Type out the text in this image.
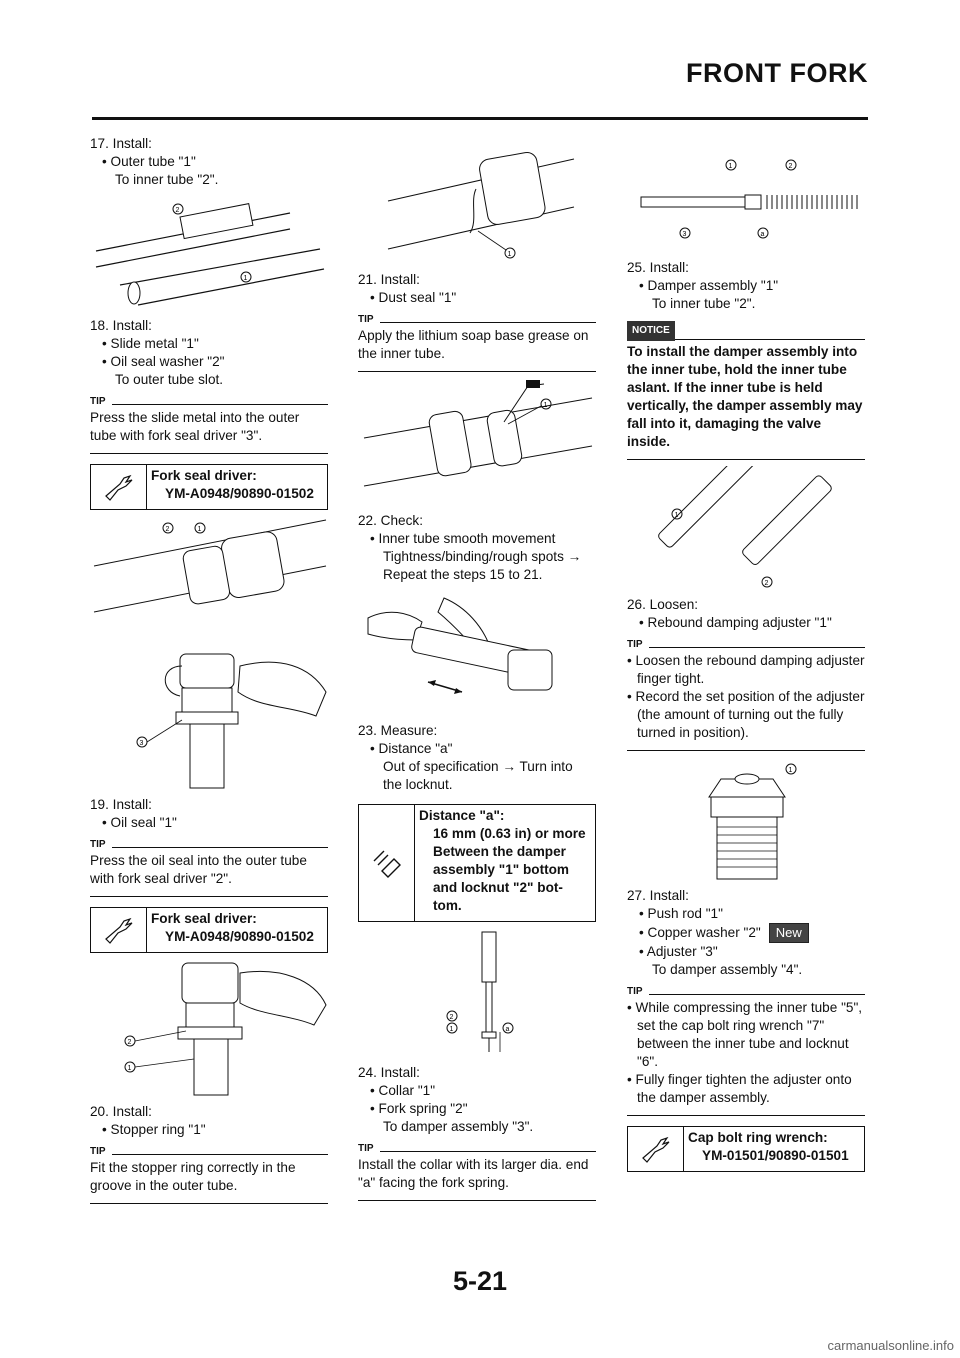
FRONT FORK
17. Install:
• Outer tube "1"
To inner tube "2".
2
1
18. Install:
• Slide metal "1"
• Oil seal washer "2"
To outer tube slot.
TIP
Press the slide metal into the outer tube with fork seal driver "3".
Fork seal driver:
YM-A0948/90890-01502
2	1
3
19. Install:
• Oil seal "1"
TIP
Press the oil seal into the outer tube with fork seal driver "2".
Fork seal driver:
YM-A0948/90890-01502
2
1
20. Install:
• Stopper ring "1"
TIP
Fit the stopper ring correctly in the groove in the outer tube.
1
21. Install:
• Dust seal "1"
TIP
Apply the lithium soap base grease on the inner tube.
1
22. Check:
• Inner tube smooth movement
Tightness/binding/rough spots →
Repeat the steps 15 to 21.
23. Measure:
• Distance "a"
Out of specification → Turn into
the locknut.
Distance "a":
16 mm (0.63 in) or more
Between the damper
assembly "1" bottom
and locknut "2" bot-
tom.
2
1	a
24. Install:
• Collar "1"
• Fork spring "2"
To damper assembly "3".
TIP
Install the collar with its larger dia. end "a" facing the fork spring.
1	2
3	a
25. Install:
• Damper assembly "1"
To inner tube "2".
NOTICE
To install the damper assembly into the inner tube, hold the inner tube aslant. If the inner tube is held vertically, the damper assembly may fall into it, damaging the valve inside.
1
2
26. Loosen:
• Rebound damping adjuster "1"
TIP
• Loosen the rebound damping adjuster finger tight.
• Record the set position of the adjuster (the amount of turning out the fully turned in position).
1
27. Install:
• Push rod "1"
• Copper washer "2" New
• Adjuster "3"
To damper assembly "4".
TIP
• While compressing the inner tube "5", set the cap bolt ring wrench "7" between the inner tube and locknut "6".
• Fully finger tighten the adjuster onto the damper assembly.
Cap bolt ring wrench:
YM-01501/90890-01501
5-21
carmanualsonline.info
